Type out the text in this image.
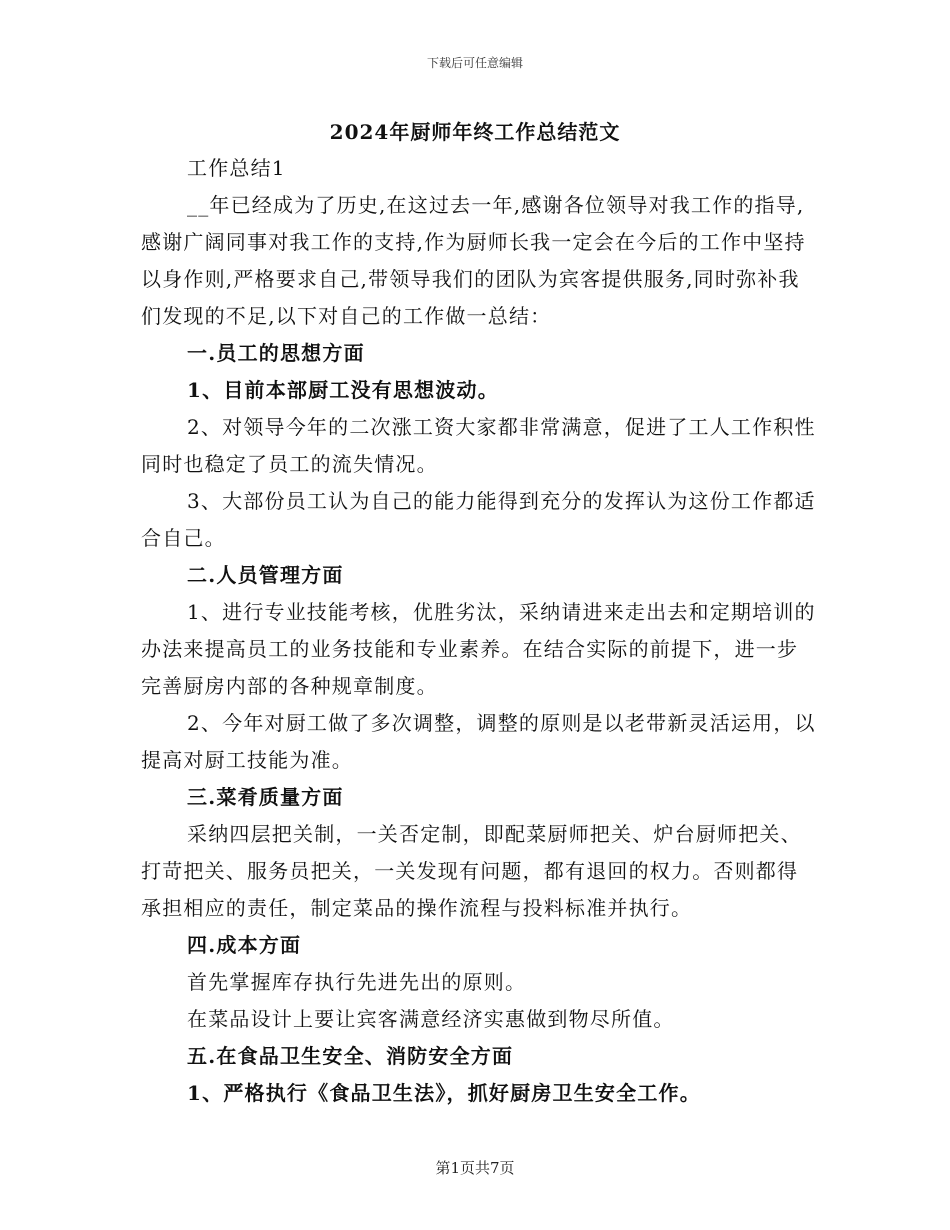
下载后可任意编辑
2024年厨师年终工作总结范文

工作总结1

__年已经成为了历史,在这过去一年,感谢各位领导对我工作的指导,感谢广阔同事对我工作的支持,作为厨师长我一定会在今后的工作中坚持以身作则,严格要求自己,带领导我们的团队为宾客提供服务,同时弥补我们发现的不足,以下对自己的工作做一总结：

一.员工的思想方面

1、目前本部厨工没有思想波动。

2、对领导今年的二次涨工资大家都非常满意，促进了工人工作积性同时也稳定了员工的流失情况。

3、大部份员工认为自己的能力能得到充分的发挥认为这份工作都适合自己。

二.人员管理方面

1、进行专业技能考核，优胜劣汰，采纳请进来走出去和定期培训的办法来提高员工的业务技能和专业素养。在结合实际的前提下，进一步完善厨房内部的各种规章制度。

2、今年对厨工做了多次调整，调整的原则是以老带新灵活运用，以提高对厨工技能为准。

三.菜肴质量方面

采纳四层把关制，一关否定制，即配菜厨师把关、炉台厨师把关、打苛把关、服务员把关，一关发现有问题，都有退回的权力。否则都得承担相应的责任，制定菜品的操作流程与投料标准并执行。

四.成本方面

首先掌握库存执行先进先出的原则。

在菜品设计上要让宾客满意经济实惠做到物尽所值。

五.在食品卫生安全、消防安全方面

1、严格执行《食品卫生法》，抓好厨房卫生安全工作。

第1页共7页
